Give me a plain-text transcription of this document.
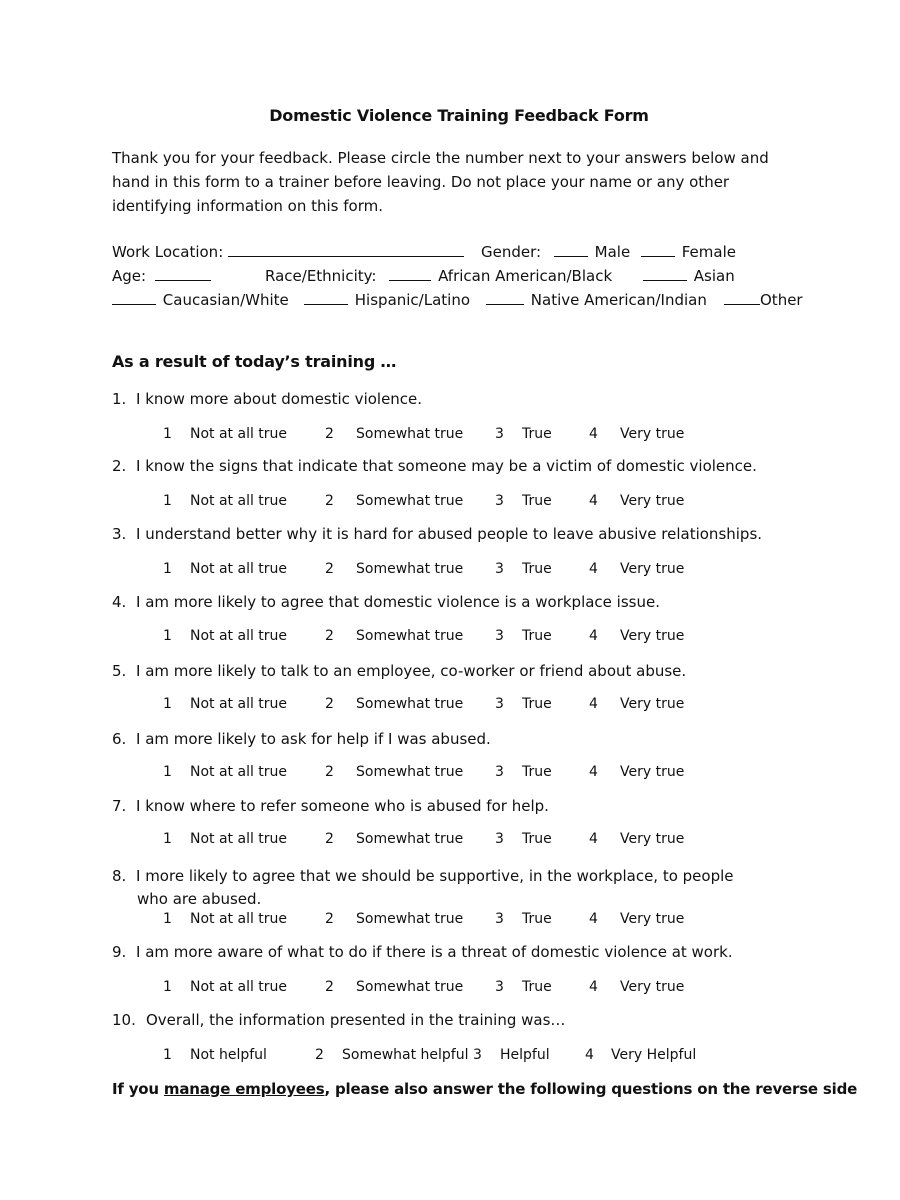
Domestic Violence Training Feedback Form
Thank you for your feedback. Please circle the number next to your answers below and
hand in this form to a trainer before leaving. Do not place your name or any other
identifying information on this form.
Work Location:	Gender:	Male	Female
Age:	Race/Ethnicity:	African American/Black	Asian
Caucasian/White	Hispanic/Latino	Native American/Indian	Other
As a result of today’s training …
1. I know more about domestic violence.
1 Not at all true	2 Somewhat true 3 True	4 Very true
2. I know the signs that indicate that someone may be a victim of domestic violence.
1 Not at all true	2 Somewhat true 3 True	4 Very true
3. I understand better why it is hard for abused people to leave abusive relationships.
1 Not at all true	2 Somewhat true 3 True	4 Very true
4. I am more likely to agree that domestic violence is a workplace issue.
1 Not at all true	2 Somewhat true 3 True	4 Very true
5. I am more likely to talk to an employee, co-worker or friend about abuse.
1 Not at all true	2 Somewhat true 3 True	4 Very true
6. I am more likely to ask for help if I was abused.
1 Not at all true	2 Somewhat true 3 True	4 Very true
7. I know where to refer someone who is abused for help.
1 Not at all true	2 Somewhat true 3 True	4 Very true
8. I more likely to agree that we should be supportive, in the workplace, to people
who are abused.
1 Not at all true	2 Somewhat true 3 True	4 Very true
9. I am more aware of what to do if there is a threat of domestic violence at work.
1 Not at all true	2 Somewhat true 3 True	4 Very true
10. Overall, the information presented in the training was…
1 Not helpful	2 Somewhat helpful 3 Helpful	4 Very Helpful
If you manage employees, please also answer the following questions on the reverse side
